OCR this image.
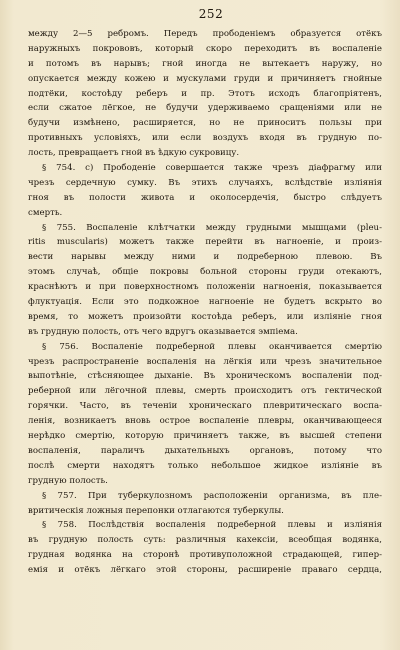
252
между 2—5 ребромъ. Передъ прободенiемъ образуется отёкъ
наружныхъ покрововъ, который скоро переходитъ въ воспаленiе
и потомъ въ нарывъ; гной иногда не вытекаетъ наружу, но
опускается между кожею и мускулами груди и причиняетъ гнойные
подтёки, костоѣду реберъ и пр. Этотъ исходъ благопрiятенъ,
если сжатое лёгкое, не будучи удерживаемо сращенiями или не
будучи измѣнено, расширяется, но не приноситъ пользы при
противныхъ условiяхъ, или если воздухъ входя въ грудную по-
лость, превращаетъ гной въ ѣдкую сукровицу.
§ 754. с) Прободенiе совершается также чрезъ дiафрагму или
чрезъ сердечную сумку. Въ этихъ случаяхъ, вслѣдствiе изліянія
гноя въ полости живота и околосердечiя, быстро слѣдуетъ
смерть.
§ 755. Воспаленiе клѣтчатки между грудными мышцами (pleu-
ritis muscularis) можетъ также перейти въ нагноенiе, и произ-
вести нарывы между ними и подреберною плевою. Въ
этомъ случаѣ, общiе покровы больной стороны груди отекаютъ,
краснѣютъ и при поверхностномъ положенiи нагноенiя, показывается
флуктуацiя. Если это подкожное нагноенiе не будетъ вскрыто во
время, то можетъ произойти костоѣда реберъ, или изліянiе гноя
въ грудную полость, отъ чего вдругъ оказывается эмпiема.
§ 756. Воспаленiе подреберной плевы оканчивается смертiю
чрезъ распространенiе воспаленiя на лёгкiя или чрезъ значительное
выпотѣнiе, стѣсняющее дыханiе. Въ хроническомъ воспаленiи под-
реберной или лёгочной плевы, смерть происходитъ отъ гектической
горячки. Часто, въ теченiи хроническаго плевритическаго воспа-
ленiя, возникаетъ вновь острое воспаленiе плевры, оканчивающееся
нерѣдко смертiю, которую причиняетъ также, въ высшей степени
воспаленiя, параличъ дыхательныхъ органовъ, потому что
послѣ смерти находятъ только небольшое жидкое изліянiе въ
грудную полость.
§ 757. При туберкулозномъ расположенiи организма, въ пле-
вритическiя ложныя перепонки отлагаются туберкулы.
§ 758. Послѣдствiя воспаленiя подреберной плевы и изліянiя
въ грудную полость суть: различныя кахексiи, всеобщая водянка,
грудная водянка на сторонѣ противуположной страдающей, гипер-
емiя и отёкъ лёгкаго этой стороны, расширенiе праваго сердца,
